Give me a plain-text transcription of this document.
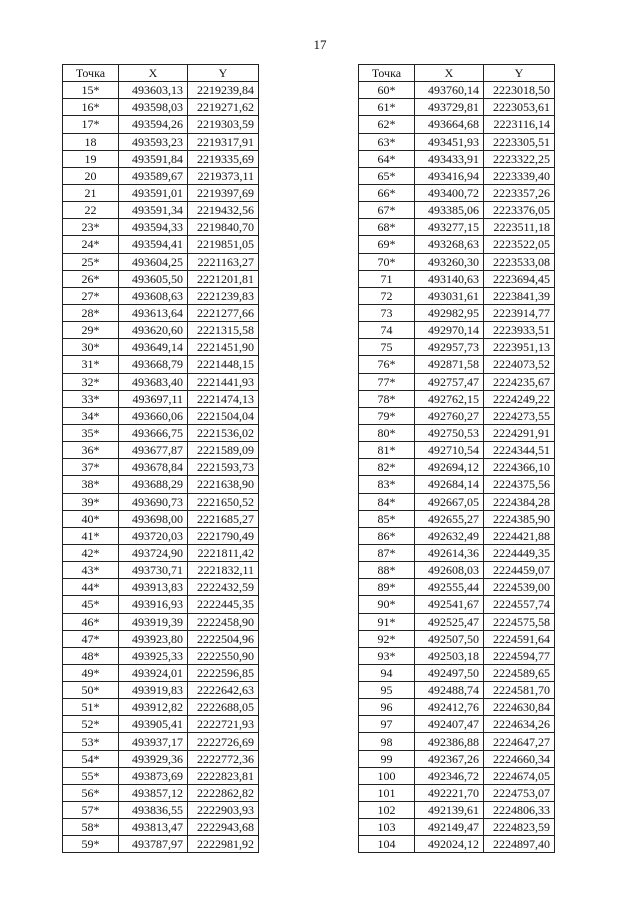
17
Точка	X	Y
15*	493603,13	2219239,84
16*	493598,03	2219271,62
17*	493594,26	2219303,59
18	493593,23	2219317,91
19	493591,84	2219335,69
20	493589,67	2219373,11
21	493591,01	2219397,69
22	493591,34	2219432,56
23*	493594,33	2219840,70
24*	493594,41	2219851,05
25*	493604,25	2221163,27
26*	493605,50	2221201,81
27*	493608,63	2221239,83
28*	493613,64	2221277,66
29*	493620,60	2221315,58
30*	493649,14	2221451,90
31*	493668,79	2221448,15
32*	493683,40	2221441,93
33*	493697,11	2221474,13
34*	493660,06	2221504,04
35*	493666,75	2221536,02
36*	493677,87	2221589,09
37*	493678,84	2221593,73
38*	493688,29	2221638,90
39*	493690,73	2221650,52
40*	493698,00	2221685,27
41*	493720,03	2221790,49
42*	493724,90	2221811,42
43*	493730,71	2221832,11
44*	493913,83	2222432,59
45*	493916,93	2222445,35
46*	493919,39	2222458,90
47*	493923,80	2222504,96
48*	493925,33	2222550,90
49*	493924,01	2222596,85
50*	493919,83	2222642,63
51*	493912,82	2222688,05
52*	493905,41	2222721,93
53*	493937,17	2222726,69
54*	493929,36	2222772,36
55*	493873,69	2222823,81
56*	493857,12	2222862,82
57*	493836,55	2222903,93
58*	493813,47	2222943,68
59*	493787,97	2222981,92
Точка	X	Y
60*	493760,14	2223018,50
61*	493729,81	2223053,61
62*	493664,68	2223116,14
63*	493451,93	2223305,51
64*	493433,91	2223322,25
65*	493416,94	2223339,40
66*	493400,72	2223357,26
67*	493385,06	2223376,05
68*	493277,15	2223511,18
69*	493268,63	2223522,05
70*	493260,30	2223533,08
71	493140,63	2223694,45
72	493031,61	2223841,39
73	492982,95	2223914,77
74	492970,14	2223933,51
75	492957,73	2223951,13
76*	492871,58	2224073,52
77*	492757,47	2224235,67
78*	492762,15	2224249,22
79*	492760,27	2224273,55
80*	492750,53	2224291,91
81*	492710,54	2224344,51
82*	492694,12	2224366,10
83*	492684,14	2224375,56
84*	492667,05	2224384,28
85*	492655,27	2224385,90
86*	492632,49	2224421,88
87*	492614,36	2224449,35
88*	492608,03	2224459,07
89*	492555,44	2224539,00
90*	492541,67	2224557,74
91*	492525,47	2224575,58
92*	492507,50	2224591,64
93*	492503,18	2224594,77
94	492497,50	2224589,65
95	492488,74	2224581,70
96	492412,76	2224630,84
97	492407,47	2224634,26
98	492386,88	2224647,27
99	492367,26	2224660,34
100	492346,72	2224674,05
101	492221,70	2224753,07
102	492139,61	2224806,33
103	492149,47	2224823,59
104	492024,12	2224897,40
